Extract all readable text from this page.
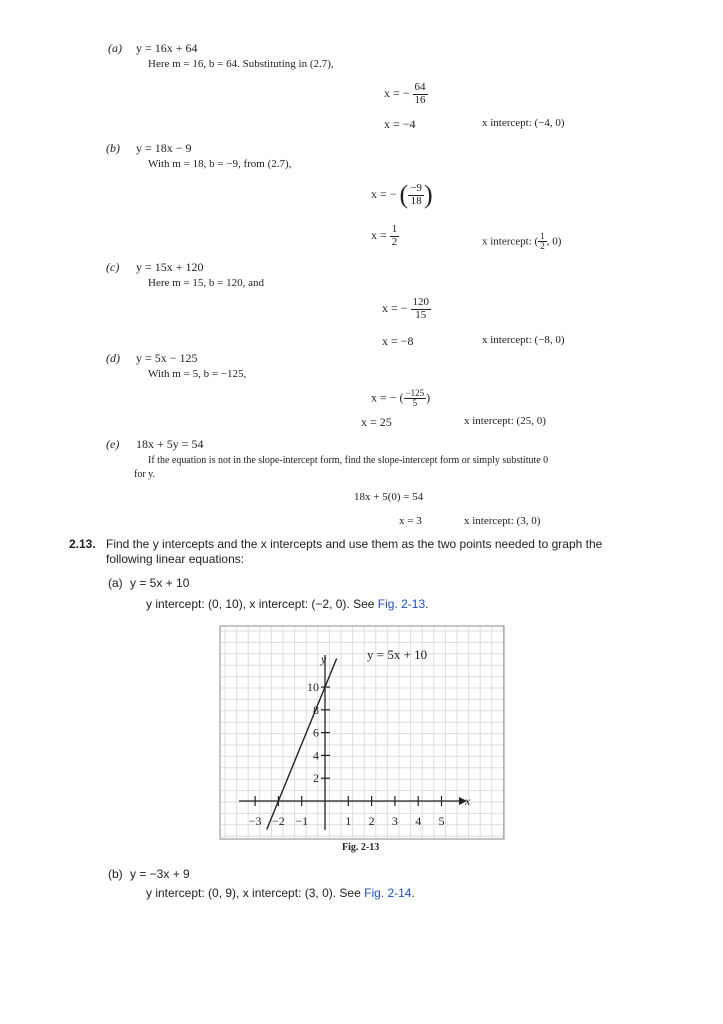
(a) y = 16x + 64
Here m = 16, b = 64. Substituting in (2.7),
x = − $\frac{64}{16}$
x = −4	x intercept: (−4, 0)
(b) y = 18x − 9
With m = 18, b = −9, from (2.7),
x = − ( $\frac{-9}{18}$ )
$x = \frac{1}{2}$	x intercept: ( $\frac{1}{2}$ , 0)
(c) y = 15x + 120
Here m = 15, b = 120, and
x = − $\frac{120}{15}$
x = −8	x intercept: (−8, 0)
(d) y = 5x − 125
With m = 5, b = −125,
x = − ( $\frac{-125}{5}$ )
x = 25	x intercept: (25, 0)
(e) 18x + 5y = 54
If the equation is not in the slope-intercept form, find the slope-intercept form or simply substitute 0
for y.
18x + 5(0) = 54
x = 3	x intercept: (3, 0)
2.13. Find the y intercepts and the x intercepts and use them as the two points needed to graph the
following linear equations:
(a) y = 5x + 10
y intercept: (0, 10), x intercept: (−2, 0). See Fig. 2-13.
−3 −2 −1	1 2 3 4 5
2
4
6
8
10
y = 5x + 10
x
y
Fig. 2-13
(b) y = −3x + 9
y intercept: (0, 9), x intercept: (3, 0). See Fig. 2-14.
